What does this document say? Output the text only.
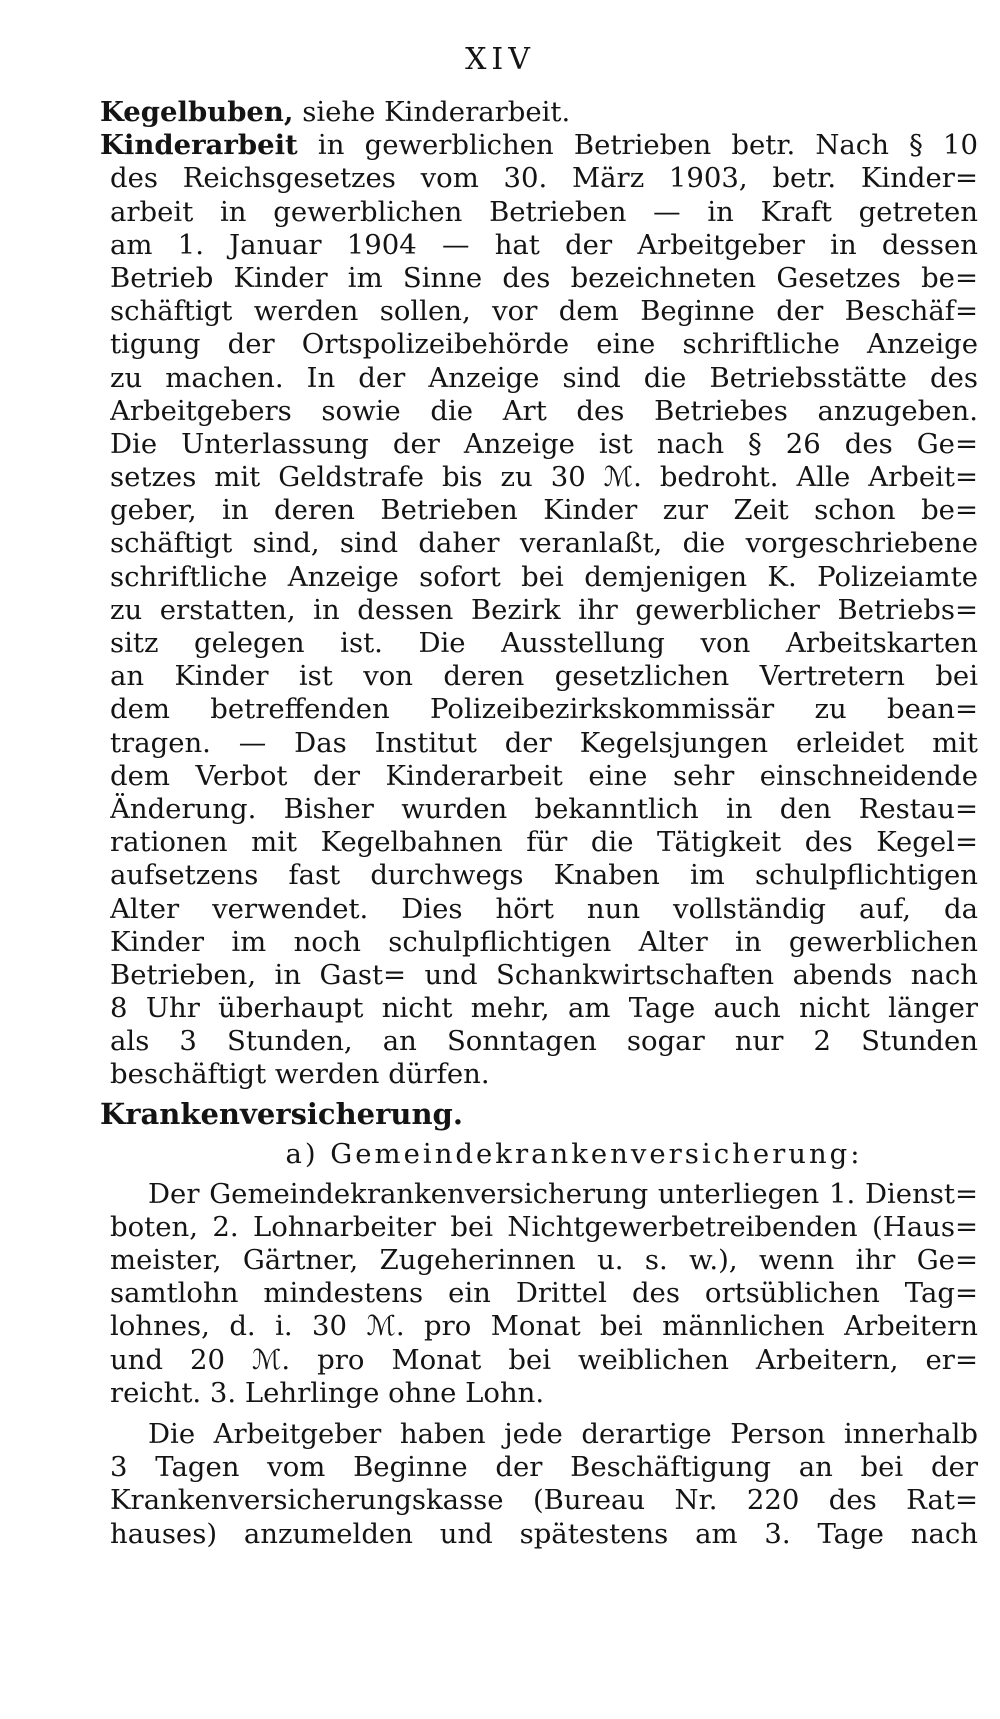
XIV
Kegelbuben, siehe Kinderarbeit.
Kinderarbeit in gewerblichen Betrieben betr. Nach § 10
des Reichsgesetzes vom 30. März 1903, betr. Kinder=
arbeit in gewerblichen Betrieben — in Kraft getreten
am 1. Januar 1904 — hat der Arbeitgeber in dessen
Betrieb Kinder im Sinne des bezeichneten Gesetzes be=
schäftigt werden sollen, vor dem Beginne der Beschäf=
tigung der Ortspolizeibehörde eine schriftliche Anzeige
zu machen. In der Anzeige sind die Betriebsstätte des
Arbeitgebers sowie die Art des Betriebes anzugeben.
Die Unterlassung der Anzeige ist nach § 26 des Ge=
setzes mit Geldstrafe bis zu 30 ℳ. bedroht. Alle Arbeit=
geber, in deren Betrieben Kinder zur Zeit schon be=
schäftigt sind, sind daher veranlaßt, die vorgeschriebene
schriftliche Anzeige sofort bei demjenigen K. Polizeiamte
zu erstatten, in dessen Bezirk ihr gewerblicher Betriebs=
sitz gelegen ist. Die Ausstellung von Arbeitskarten
an Kinder ist von deren gesetzlichen Vertretern bei
dem betreffenden Polizeibezirkskommissär zu bean=
tragen. — Das Institut der Kegelsjungen erleidet mit
dem Verbot der Kinderarbeit eine sehr einschneidende
Änderung. Bisher wurden bekanntlich in den Restau=
rationen mit Kegelbahnen für die Tätigkeit des Kegel=
aufsetzens fast durchwegs Knaben im schulpflichtigen
Alter verwendet. Dies hört nun vollständig auf, da
Kinder im noch schulpflichtigen Alter in gewerblichen
Betrieben, in Gast= und Schankwirtschaften abends nach
8 Uhr überhaupt nicht mehr, am Tage auch nicht länger
als 3 Stunden, an Sonntagen sogar nur 2 Stunden
beschäftigt werden dürfen.
Krankenversicherung.
a) Gemeindekrankenversicherung:
Der Gemeindekrankenversicherung unterliegen 1. Dienst=
boten, 2. Lohnarbeiter bei Nichtgewerbetreibenden (Haus=
meister, Gärtner, Zugeherinnen u. s. w.), wenn ihr Ge=
samtlohn mindestens ein Drittel des ortsüblichen Tag=
lohnes, d. i. 30 ℳ. pro Monat bei männlichen Arbeitern
und 20 ℳ. pro Monat bei weiblichen Arbeitern, er=
reicht. 3. Lehrlinge ohne Lohn.
Die Arbeitgeber haben jede derartige Person innerhalb
3 Tagen vom Beginne der Beschäftigung an bei der
Krankenversicherungskasse (Bureau Nr. 220 des Rat=
hauses) anzumelden und spätestens am 3. Tage nach
